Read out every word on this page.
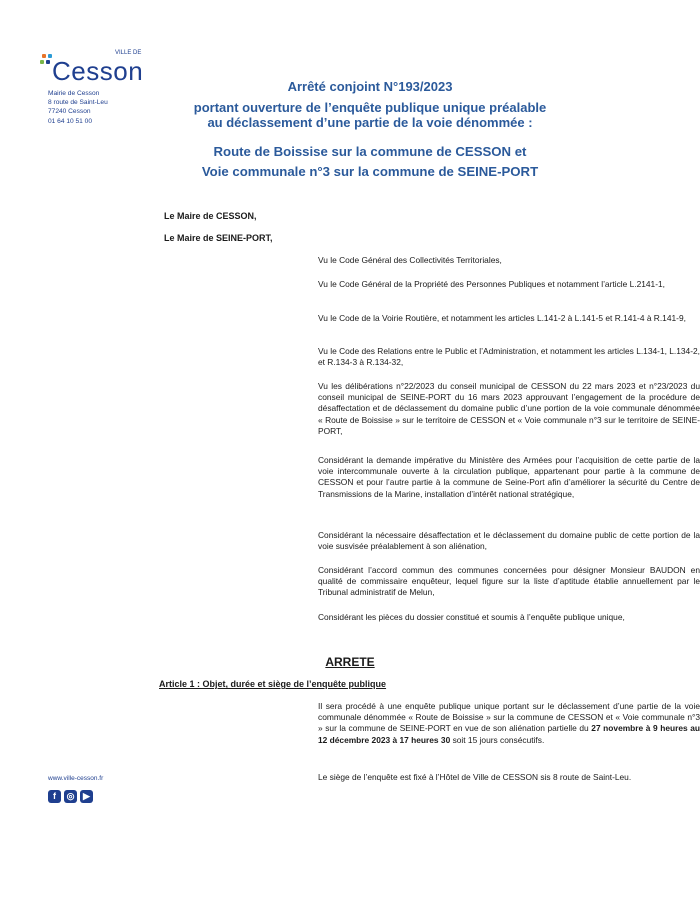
VILLE DE
Cesson
Mairie de Cesson
8 route de Saint-Leu
77240 Cesson
01 64 10 51 00
Arrêté conjoint N°193/2023
portant ouverture de l’enquête publique unique préalable
au déclassement d’une partie de la voie dénommée :
Route de Boissise sur la commune de CESSON et
Voie communale n°3 sur la commune de SEINE-PORT
Le Maire de CESSON,
Le Maire de SEINE-PORT,

Vu le Code Général des Collectivités Territoriales,

Vu le Code Général de la Propriété des Personnes Publiques et notamment l’article L.2141-1,

Vu le Code de la Voirie Routière, et notamment les articles L.141-2 à L.141-5 et R.141-4 à R.141-9,

Vu le Code des Relations entre le Public et l’Administration, et notamment les articles L.134-1, L.134-2, et R.134-3 à R.134-32,

Vu les délibérations n°22/2023 du conseil municipal de CESSON du 22 mars 2023 et n°23/2023 du conseil municipal de SEINE-PORT du 16 mars 2023 approuvant l’engagement de la procédure de désaffectation et de déclassement du domaine public d’une portion de la voie communale dénommée « Route de Boissise » sur le territoire de CESSON et « Voie communale n°3 sur le territoire de SEINE-PORT,

Considérant la demande impérative du Ministère des Armées pour l’acquisition de cette partie de la voie intercommunale ouverte à la circulation publique, appartenant pour partie à la commune de CESSON et pour l’autre partie à la commune de Seine-Port afin d’améliorer la sécurité du Centre de Transmissions de la Marine, installation d’intérêt national stratégique,

Considérant la nécessaire désaffectation et le déclassement du domaine public de cette portion de la voie susvisée préalablement à son aliénation,

Considérant l’accord commun des communes concernées pour désigner Monsieur BAUDON en qualité de commissaire enquêteur, lequel figure sur la liste d’aptitude établie annuellement par le Tribunal administratif de Melun,

Considérant les pièces du dossier constitué et soumis à l’enquête publique unique,

Il sera procédé à une enquête publique unique portant sur le déclassement d’une partie de la voie communale dénommée « Route de Boissise » sur la commune de CESSON et « Voie communale n°3 » sur la commune de SEINE-PORT en vue de son aliénation partielle du 27 novembre à 9 heures au 12 décembre 2023 à 17 heures 30 soit 15 jours consécutifs.

Le siège de l’enquête est fixé à l’Hôtel de Ville de CESSON sis 8 route de Saint-Leu.

ARRETE
Article 1 : Objet, durée et siège de l’enquête publique
www.ville-cesson.fr
f	◎ ▶
